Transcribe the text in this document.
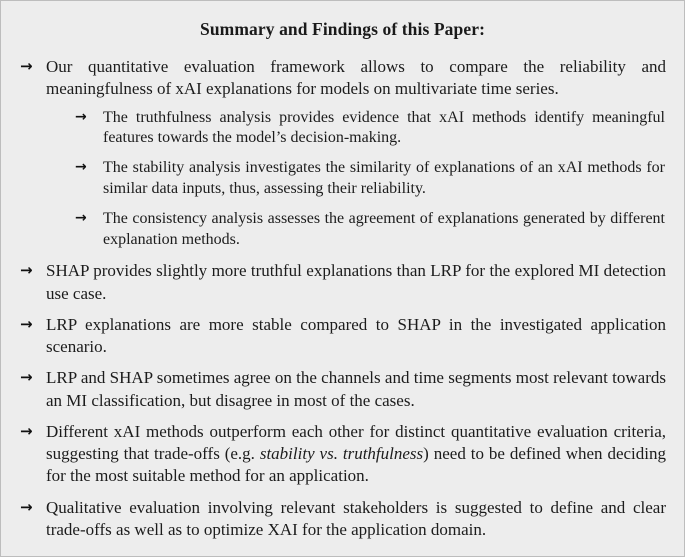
Summary and Findings of this Paper:
→ Our quantitative evaluation framework allows to compare the reliability and meaningfulness of xAI explanations for models on multivariate time series.
→ The truthfulness analysis provides evidence that xAI methods identify meaningful features towards the model’s decision-making.
→ The stability analysis investigates the similarity of explanations of an xAI methods for similar data inputs, thus, assessing their reliability.
→ The consistency analysis assesses the agreement of explanations generated by different explanation methods.
→ SHAP provides slightly more truthful explanations than LRP for the explored MI detection use case.
→ LRP explanations are more stable compared to SHAP in the investigated application scenario.
→ LRP and SHAP sometimes agree on the channels and time segments most relevant towards an MI classification, but disagree in most of the cases.
→ Different xAI methods outperform each other for distinct quantitative evaluation criteria, suggesting that trade-offs (e.g. stability vs. truthfulness) need to be defined when deciding for the most suitable method for an application.
→ Qualitative evaluation involving relevant stakeholders is suggested to define and clear trade-offs as well as to optimize XAI for the application domain.
